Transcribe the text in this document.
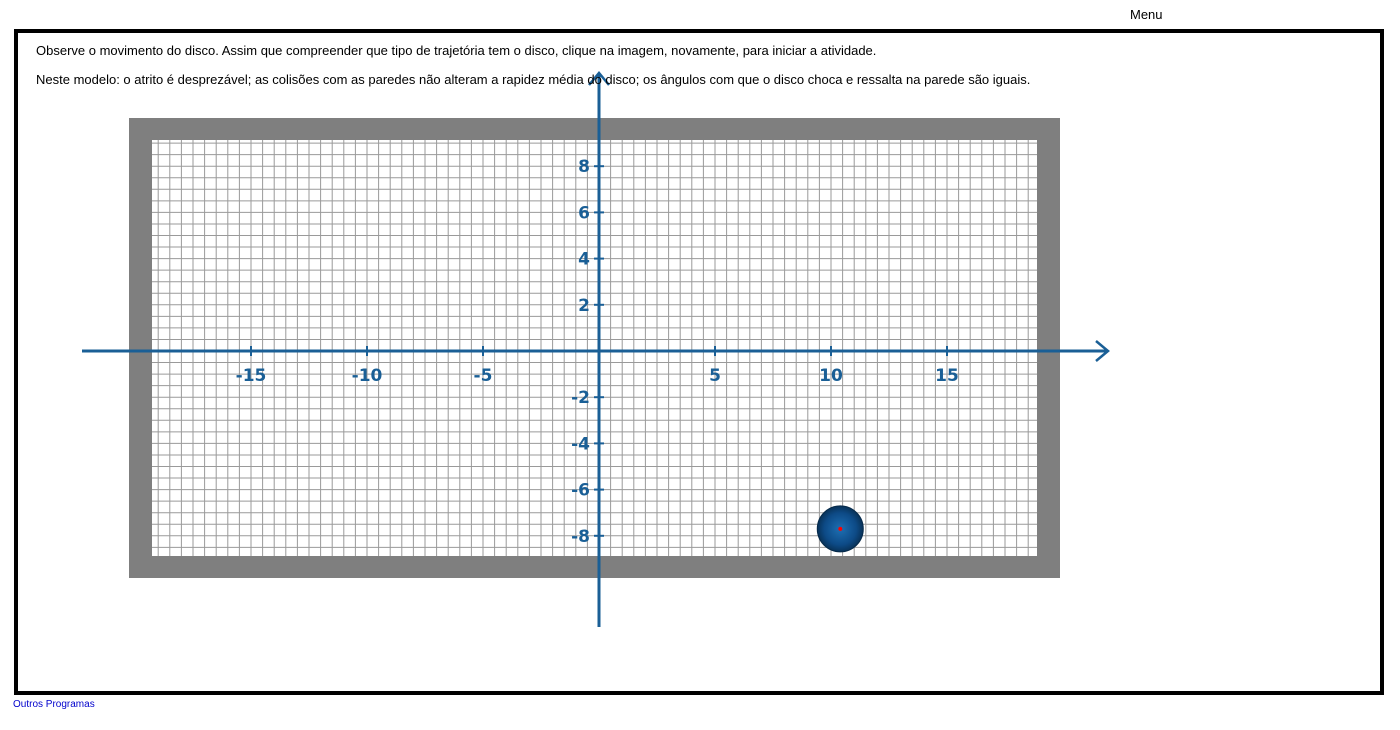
Menu
-15	-10	-5	5	10	15
8
6
4
2
-2
-4
-6
-8
Observe o movimento do disco. Assim que compreender que tipo de trajetória tem o disco, clique na imagem, novamente, para iniciar a atividade.
Neste modelo: o atrito é desprezável; as colisões com as paredes não alteram a rapidez média do disco; os ângulos com que o disco choca e ressalta na parede são iguais.
Outros Programas
